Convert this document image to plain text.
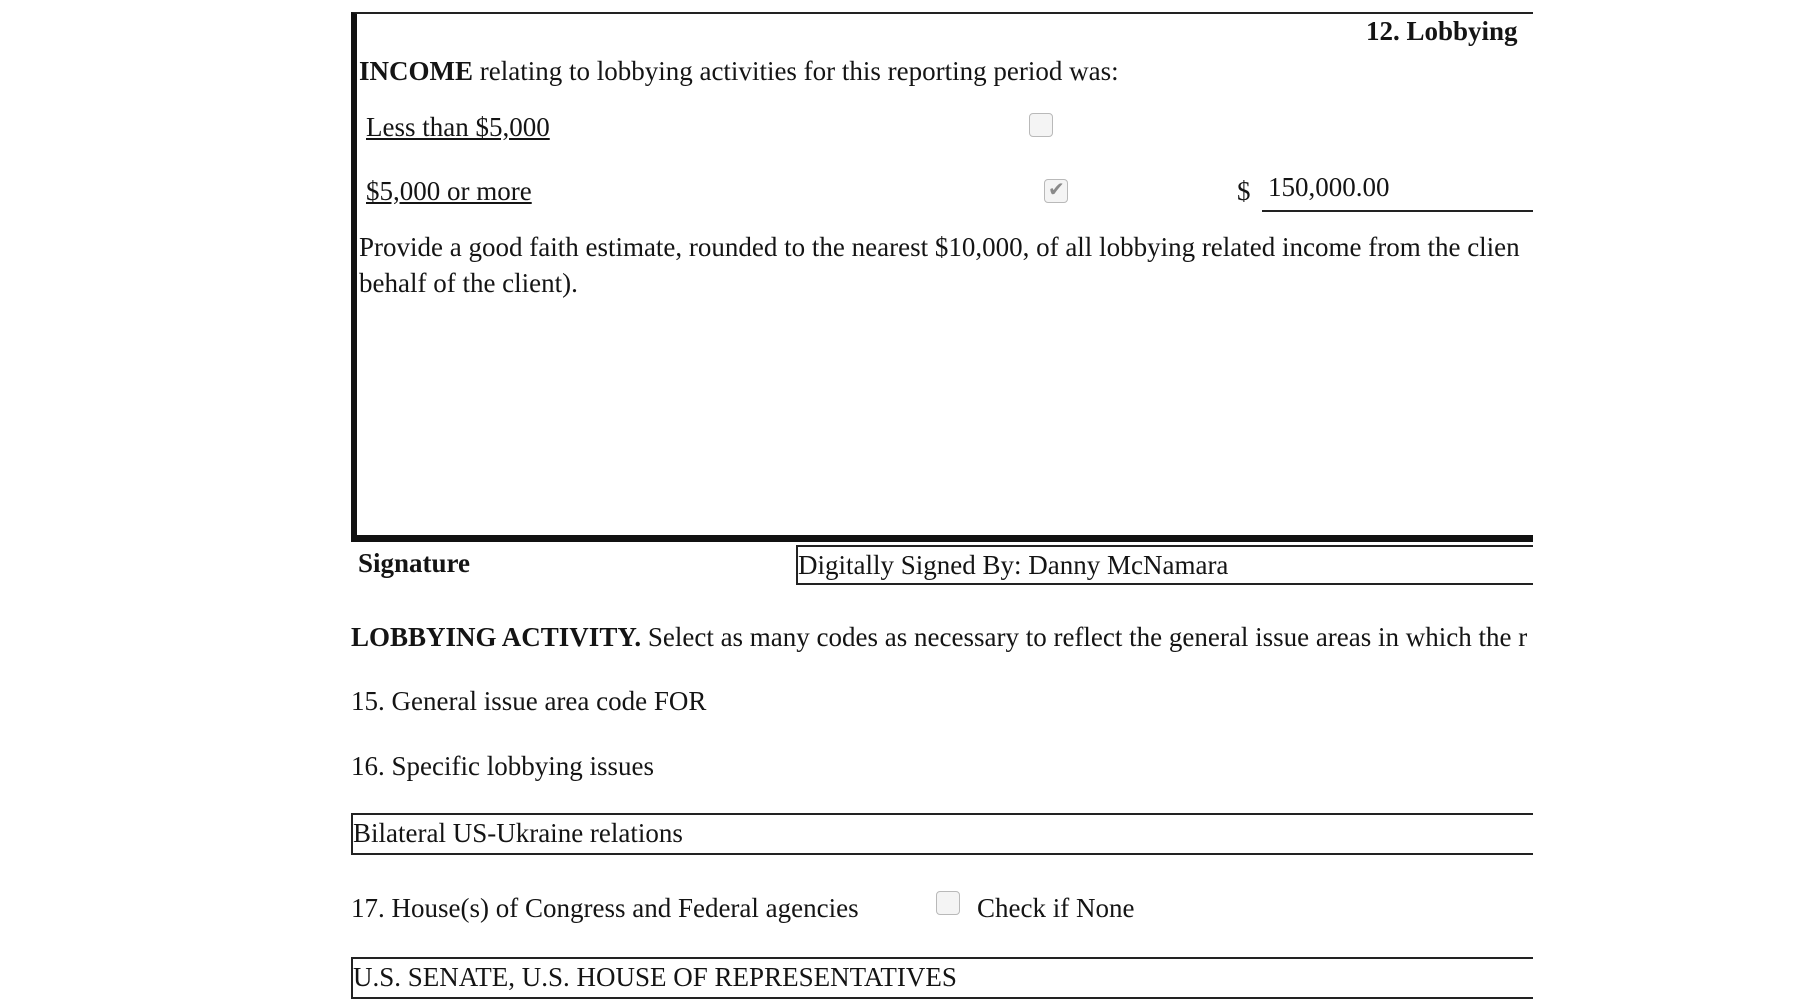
12. Lobbying
INCOME relating to lobbying activities for this reporting period was:
Less than $5,000
$5,000 or more
✔	$ 150,000.00
Provide a good faith estimate, rounded to the nearest $10,000, of all lobbying related income from the clien
behalf of the client).
Signature	Digitally Signed By: Danny McNamara
LOBBYING ACTIVITY. Select as many codes as necessary to reflect the general issue areas in which the r
15. General issue area code FOR
16. Specific lobbying issues
Bilateral US-Ukraine relations
17. House(s) of Congress and Federal agencies	Check if None
U.S. SENATE, U.S. HOUSE OF REPRESENTATIVES
